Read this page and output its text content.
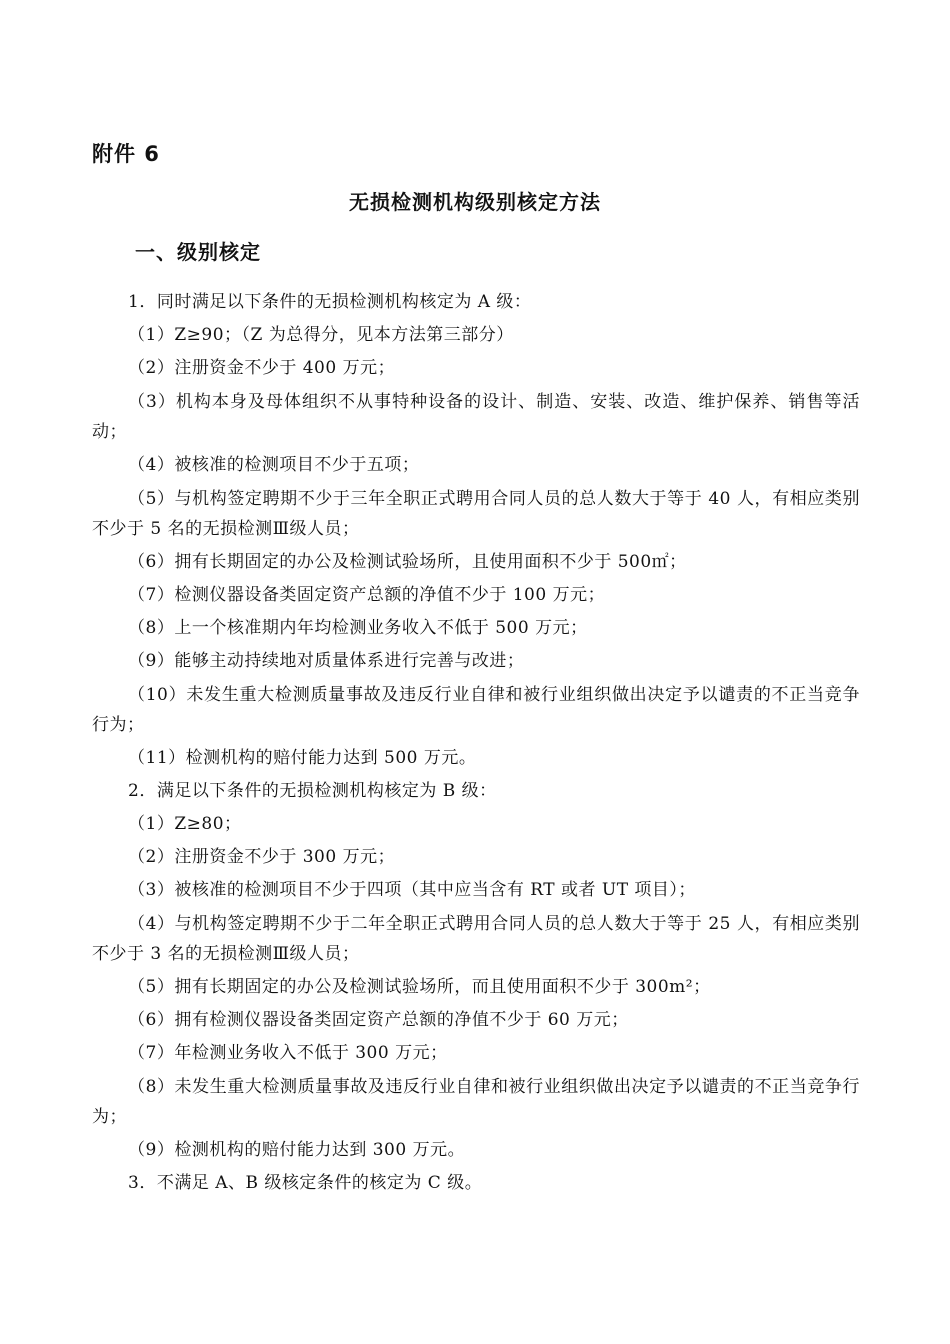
附件 6
无损检测机构级别核定方法
一、级别核定

1．同时满足以下条件的无损检测机构核定为 A 级：

（1）Z≥90；（Z 为总得分，见本方法第三部分）

（2）注册资金不少于 400 万元；

（3）机构本身及母体组织不从事特种设备的设计、制造、安装、改造、维护保养、销售等活动；

（4）被核准的检测项目不少于五项；

（5）与机构签定聘期不少于三年全职正式聘用合同人员的总人数大于等于 40 人，有相应类别不少于 5 名的无损检测Ⅲ级人员；

（6）拥有长期固定的办公及检测试验场所，且使用面积不少于 500㎡；

（7）检测仪器设备类固定资产总额的净值不少于 100 万元；

（8）上一个核准期内年均检测业务收入不低于 500 万元；

（9）能够主动持续地对质量体系进行完善与改进；

（10）未发生重大检测质量事故及违反行业自律和被行业组织做出决定予以谴责的不正当竞争行为；

（11）检测机构的赔付能力达到 500 万元。

2．满足以下条件的无损检测机构核定为 B 级：

（1）Z≥80；

（2）注册资金不少于 300 万元；

（3）被核准的检测项目不少于四项（其中应当含有 RT 或者 UT 项目）；

（4）与机构签定聘期不少于二年全职正式聘用合同人员的总人数大于等于 25 人，有相应类别不少于 3 名的无损检测Ⅲ级人员；

（5）拥有长期固定的办公及检测试验场所，而且使用面积不少于 300m²；

（6）拥有检测仪器设备类固定资产总额的净值不少于 60 万元；

（7）年检测业务收入不低于 300 万元；

（8）未发生重大检测质量事故及违反行业自律和被行业组织做出决定予以谴责的不正当竞争行为；

（9）检测机构的赔付能力达到 300 万元。

3．不满足 A、B 级核定条件的核定为 C 级。
